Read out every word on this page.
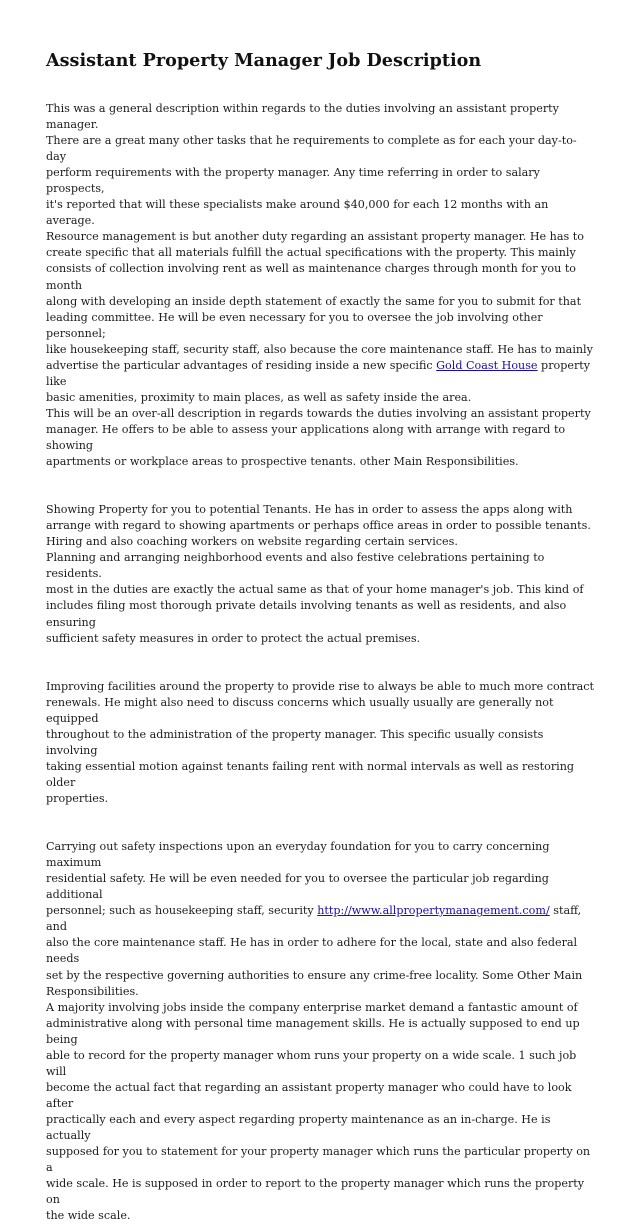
Assistant Property Manager Job Description

This was a general description within regards to the duties involving an assistant property manager.
There are a great many other tasks that he requirements to complete as for each your day-to-day
perform requirements with the property manager. Any time referring in order to salary prospects,
it's reported that will these specialists make around $40,000 for each 12 months with an average.
Resource management is but another duty regarding an assistant property manager. He has to
create specific that all materials fulfill the actual specifications with the property. This mainly
consists of collection involving rent as well as maintenance charges through month for you to month
along with developing an inside depth statement of exactly the same for you to submit for that
leading committee. He will be even necessary for you to oversee the job involving other personnel;
like housekeeping staff, security staff, also because the core maintenance staff. He has to mainly
advertise the particular advantages of residing inside a new specific Gold Coast House property like
basic amenities, proximity to main places, as well as safety inside the area.

This will be an over-all description in regards towards the duties involving an assistant property
manager. He offers to be able to assess your applications along with arrange with regard to showing
apartments or workplace areas to prospective tenants. other Main Responsibilities.

Showing Property for you to potential Tenants. He has in order to assess the apps along with
arrange with regard to showing apartments or perhaps office areas in order to possible tenants.
Hiring and also coaching workers on website regarding certain services.
Planning and arranging neighborhood events and also festive celebrations pertaining to residents.
most in the duties are exactly the actual same as that of your home manager's job. This kind of
includes filing most thorough private details involving tenants as well as residents, and also ensuring
sufficient safety measures in order to protect the actual premises.

Improving facilities around the property to provide rise to always be able to much more contract
renewals. He might also need to discuss concerns which usually usually are generally not equipped
throughout to the administration of the property manager. This specific usually consists involving
taking essential motion against tenants failing rent with normal intervals as well as restoring older
properties.

Carrying out safety inspections upon an everyday foundation for you to carry concerning maximum
residential safety. He will be even needed for you to oversee the particular job regarding additional
personnel; such as housekeeping staff, security http://www.allpropertymanagement.com/ staff, and
also the core maintenance staff. He has in order to adhere for the local, state and also federal needs
set by the respective governing authorities to ensure any crime-free locality. Some Other Main
Responsibilities.
A majority involving jobs inside the company enterprise market demand a fantastic amount of
administrative along with personal time management skills. He is actually supposed to end up being
able to record for the property manager whom runs your property on a wide scale. 1 such job will
become the actual fact that regarding an assistant property manager who could have to look after
practically each and every aspect regarding property maintenance as an in-charge. He is actually
supposed for you to statement for your property manager which runs the particular property on a
wide scale. He is supposed in order to report to the property manager which runs the property on
the wide scale.
